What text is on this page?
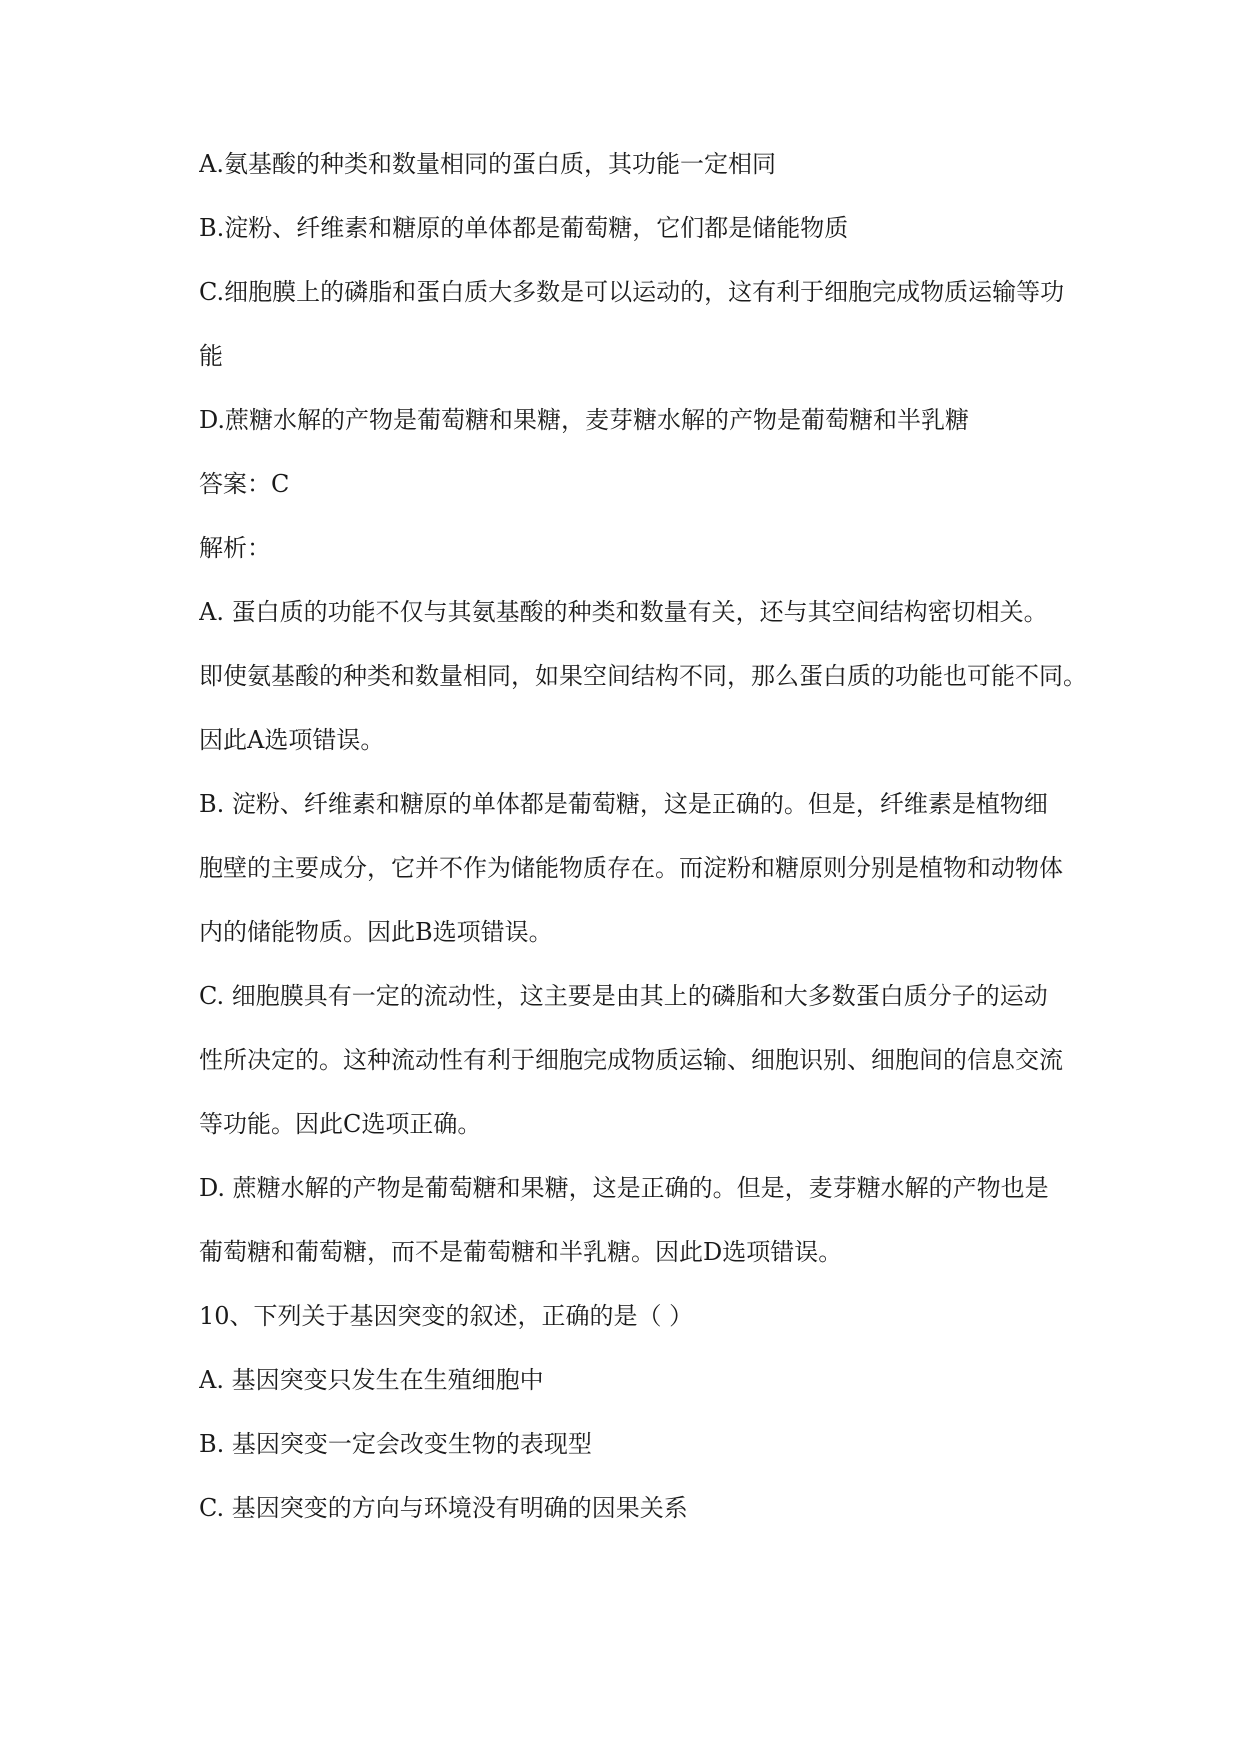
A.氨基酸的种类和数量相同的蛋白质，其功能一定相同
B.淀粉、纤维素和糖原的单体都是葡萄糖，它们都是储能物质
C.细胞膜上的磷脂和蛋白质大多数是可以运动的，这有利于细胞完成物质运输等功
能
D.蔗糖水解的产物是葡萄糖和果糖，麦芽糖水解的产物是葡萄糖和半乳糖
答案：C
解析：
A. 蛋白质的功能不仅与其氨基酸的种类和数量有关，还与其空间结构密切相关。
即使氨基酸的种类和数量相同，如果空间结构不同，那么蛋白质的功能也可能不同。
因此A选项错误。
B. 淀粉、纤维素和糖原的单体都是葡萄糖，这是正确的。但是，纤维素是植物细
胞壁的主要成分，它并不作为储能物质存在。而淀粉和糖原则分别是植物和动物体
内的储能物质。因此B选项错误。
C. 细胞膜具有一定的流动性，这主要是由其上的磷脂和大多数蛋白质分子的运动
性所决定的。这种流动性有利于细胞完成物质运输、细胞识别、细胞间的信息交流
等功能。因此C选项正确。
D. 蔗糖水解的产物是葡萄糖和果糖，这是正确的。但是，麦芽糖水解的产物也是
葡萄糖和葡萄糖，而不是葡萄糖和半乳糖。因此D选项错误。
10、下列关于基因突变的叙述，正确的是（ ）
A. 基因突变只发生在生殖细胞中
B. 基因突变一定会改变生物的表现型
C. 基因突变的方向与环境没有明确的因果关系
